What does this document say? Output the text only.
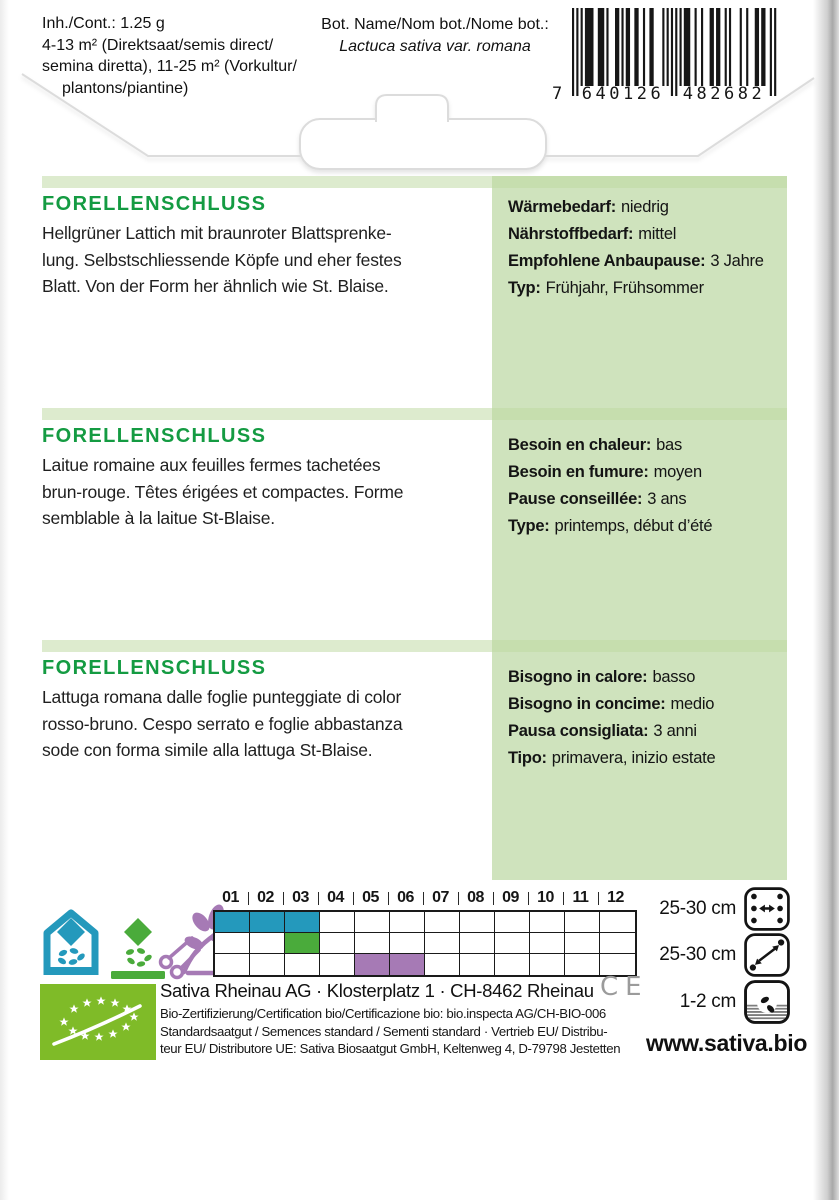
Inh./Cont.: 1.25 g
4-13 m² (Direktsaat/semis direct/
semina diretta), 11-25 m² (Vorkultur/
plantons/piantine)
Bot. Name/Nom bot./Nome bot.:
Lactuca sativa var. romana
7 640126 482682
FORELLENSCHLUSS
Hellgrüner Lattich mit braunroter Blattsprenke-
lung. Selbstschliessende Köpfe und eher festes
Blatt. Von der Form her ähnlich wie St. Blaise.
Wärmebedarf: niedrig
Nährstoffbedarf: mittel
Empfohlene Anbaupause: 3 Jahre
Typ: Frühjahr, Frühsommer
FORELLENSCHLUSS
Laitue romaine aux feuilles fermes tachetées
brun-rouge. Têtes érigées et compactes. Forme
semblable à la laitue St-Blaise.
Besoin en chaleur: bas
Besoin en fumure: moyen
Pause conseillée: 3 ans
Type: printemps, début d’été
FORELLENSCHLUSS
Lattuga romana dalle foglie punteggiate di color
rosso-bruno. Cespo serrato e foglie abbastanza
sode con forma simile alla lattuga St-Blaise.
Bisogno in calore: basso
Bisogno in concime: medio
Pausa consigliata: 3 anni
Tipo: primavera, inizio estate
01	02	03	04	05	06	07	08	09	10	11	12
25-30 cm
25-30 cm
1-2 cm
www.sativa.bio
Sativa Rheinau AG · Klosterplatz 1 · CH-8462 Rheinau CE
Bio-Zertifizierung/Certification bio/Certificazione bio: bio.inspecta AG/CH-BIO-006
Standardsaatgut / Semences standard / Sementi standard · Vertrieb EU/ Distribu-
teur EU/ Distributore UE: Sativa Biosaatgut GmbH, Keltenweg 4, D-79798 Jestetten
